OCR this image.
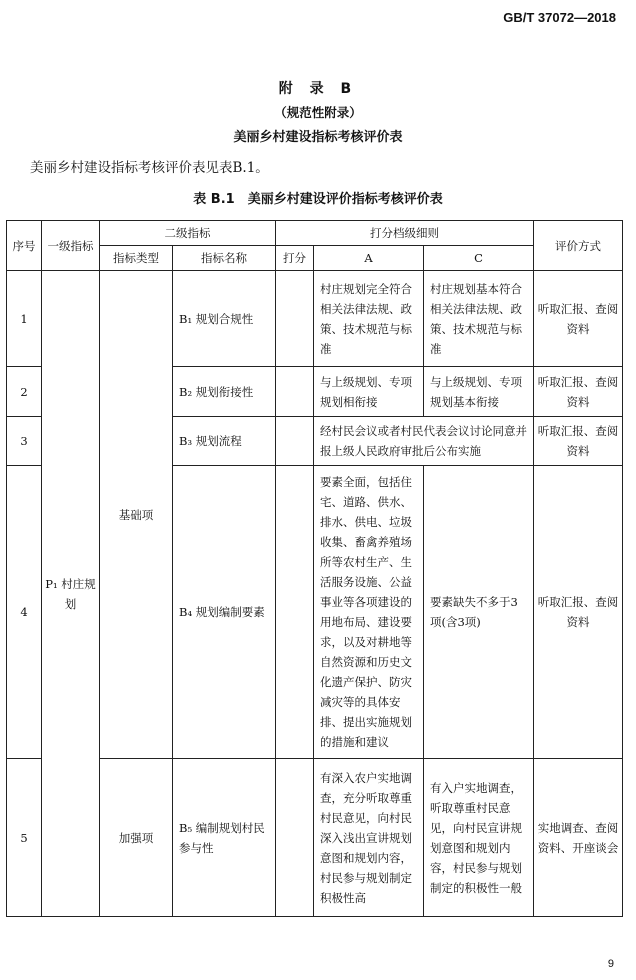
GB/T 37072—2018
附 录 B
（规范性附录）
美丽乡村建设指标考核评价表
美丽乡村建设指标考核评价表见表B.1。
表 B.1　美丽乡村建设评价指标考核评价表
序号	一级指标	二级指标		打分档级细则			评价方式
		指标类型	指标名称	打分	A	C	
1	P₁ 村庄规划	基础项	B₁ 规划合规性		村庄规划完全符合相关法律法规、政策、技术规范与标准	村庄规划基本符合相关法律法规、政策、技术规范与标准	听取汇报、查阅资料
2			B₂ 规划衔接性		与上级规划、专项规划相衔接	与上级规划、专项规划基本衔接	听取汇报、查阅资料
3			B₃ 规划流程		经村民会议或者村民代表会议讨论同意并报上级人民政府审批后公布实施		听取汇报、查阅资料
4			B₄ 规划编制要素		要素全面，包括住宅、道路、供水、排水、供电、垃圾收集、畜禽养殖场所等农村生产、生活服务设施、公益事业等各项建设的用地布局、建设要求，以及对耕地等自然资源和历史文化遗产保护、防灾减灾等的具体安排、提出实施规划的措施和建议	要素缺失不多于3项(含3项)	听取汇报、查阅资料
5		加强项	B₅ 编制规划村民参与性		有深入农户实地调查，充分听取尊重村民意见，向村民深入浅出宣讲规划意图和规划内容，村民参与规划制定积极性高	有入户实地调查，听取尊重村民意见，向村民宣讲规划意图和规划内容，村民参与规划制定的积极性一般	实地调查、查阅资料、开座谈会
9
